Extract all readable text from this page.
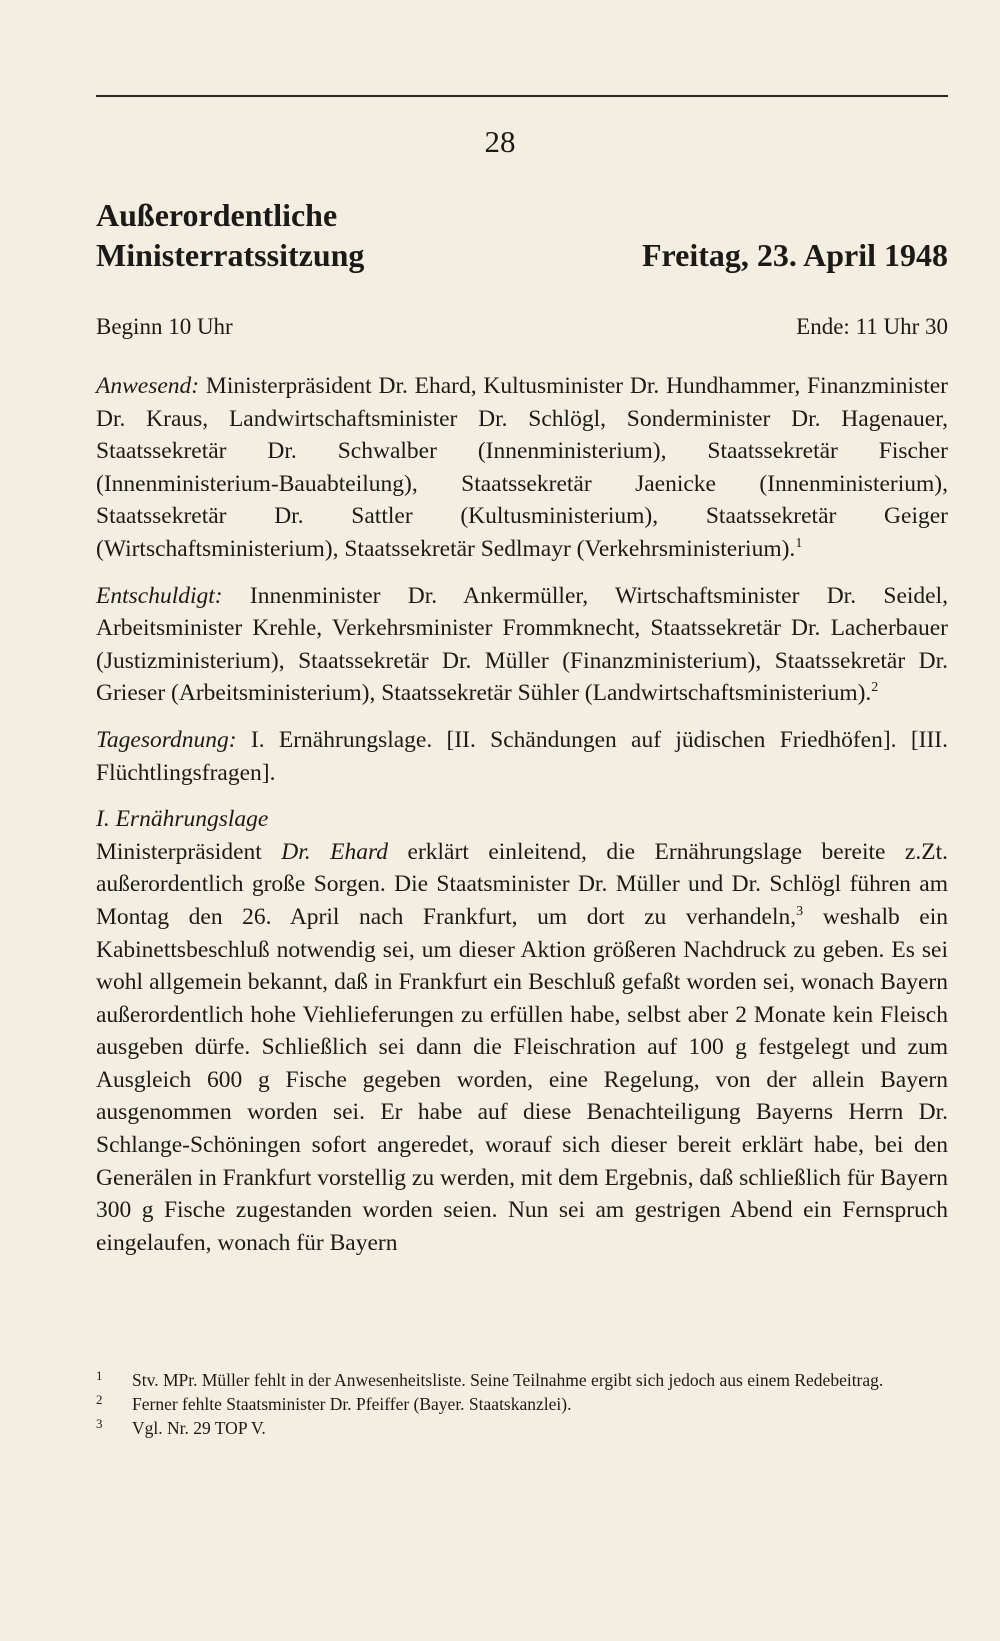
28
Außerordentliche
Ministerratssitzung	Freitag, 23. April 1948
Beginn 10 Uhr	Ende: 11 Uhr 30

Anwesend: Ministerpräsident Dr. Ehard, Kultusminister Dr. Hundhammer, Finanzminister Dr. Kraus, Landwirtschaftsminister Dr. Schlögl, Sonderminister Dr. Hagenauer, Staatssekretär Dr. Schwalber (Innenministerium), Staatssekretär Fischer (Innenministerium-Bauabteilung), Staatssekretär Jaenicke (Innenministerium), Staatssekretär Dr. Sattler (Kultusministerium), Staatssekretär Geiger (Wirtschaftsministerium), Staatssekretär Sedlmayr (Verkehrsministerium).$^1$

Entschuldigt: Innenminister Dr. Ankermüller, Wirtschaftsminister Dr. Seidel, Arbeitsminister Krehle, Verkehrsminister Frommknecht, Staatssekretär Dr. Lacherbauer (Justizministerium), Staatssekretär Dr. Müller (Finanzministerium), Staatssekretär Dr. Grieser (Arbeitsministerium), Staatssekretär Sühler (Landwirtschaftsministerium).$^2$

Tagesordnung: I. Ernährungslage. [II. Schändungen auf jüdischen Friedhöfen]. [III. Flüchtlingsfragen].

I. Ernährungslage

Ministerpräsident Dr. Ehard erklärt einleitend, die Ernährungslage bereite z.Zt. außerordentlich große Sorgen. Die Staatsminister Dr. Müller und Dr. Schlögl führen am Montag den 26. April nach Frankfurt, um dort zu verhandeln,$^3$ weshalb ein Kabinettsbeschluß notwendig sei, um dieser Aktion größeren Nachdruck zu geben. Es sei wohl allgemein bekannt, daß in Frankfurt ein Beschluß gefaßt worden sei, wonach Bayern außerordentlich hohe Viehlieferungen zu erfüllen habe, selbst aber 2 Monate kein Fleisch ausgeben dürfe. Schließlich sei dann die Fleischration auf 100 g festgelegt und zum Ausgleich 600 g Fische gegeben worden, eine Regelung, von der allein Bayern ausgenommen worden sei. Er habe auf diese Benachteiligung Bayerns Herrn Dr. Schlange-Schöningen sofort angeredet, worauf sich dieser bereit erklärt habe, bei den Generälen in Frankfurt vorstellig zu werden, mit dem Ergebnis, daß schließlich für Bayern 300 g Fische zugestanden worden seien. Nun sei am gestrigen Abend ein Fernspruch eingelaufen, wonach für Bayern

1 Stv. MPr. Müller fehlt in der Anwesenheitsliste. Seine Teilnahme ergibt sich jedoch aus einem Redebeitrag.

2 Ferner fehlte Staatsminister Dr. Pfeiffer (Bayer. Staatskanzlei).

3 Vgl. Nr. 29 TOP V.
